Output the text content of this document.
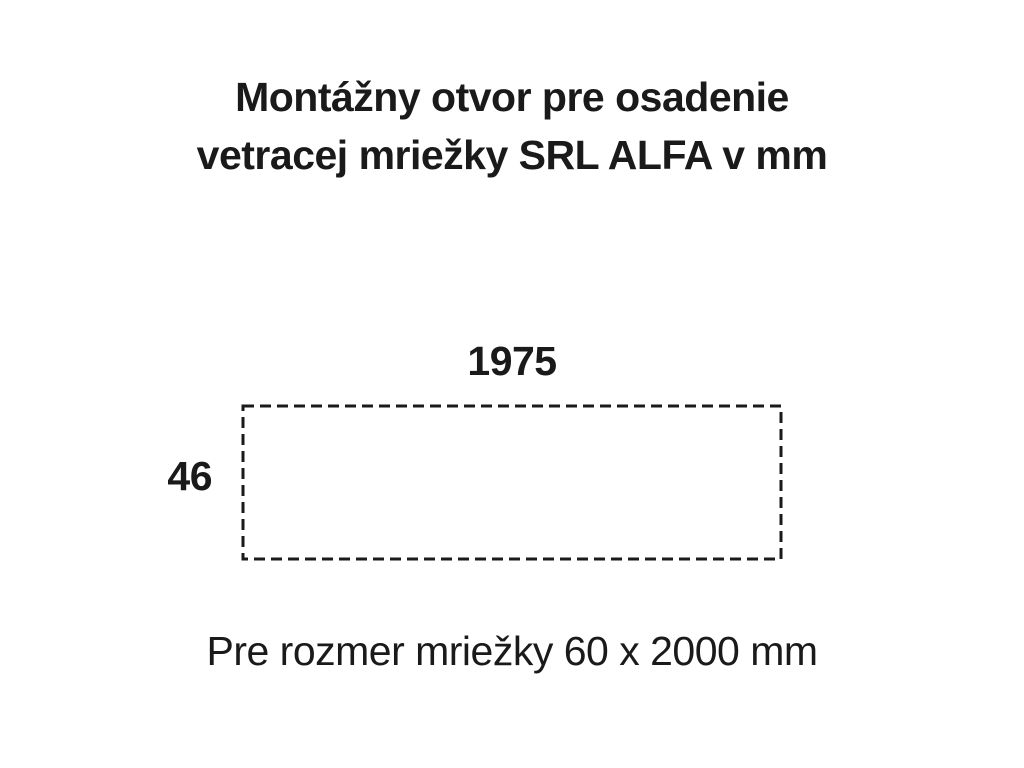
Montážny otvor pre osadenie
vetracej mriežky SRL ALFA v mm
1975
46
Pre rozmer mriežky 60 x 2000 mm
